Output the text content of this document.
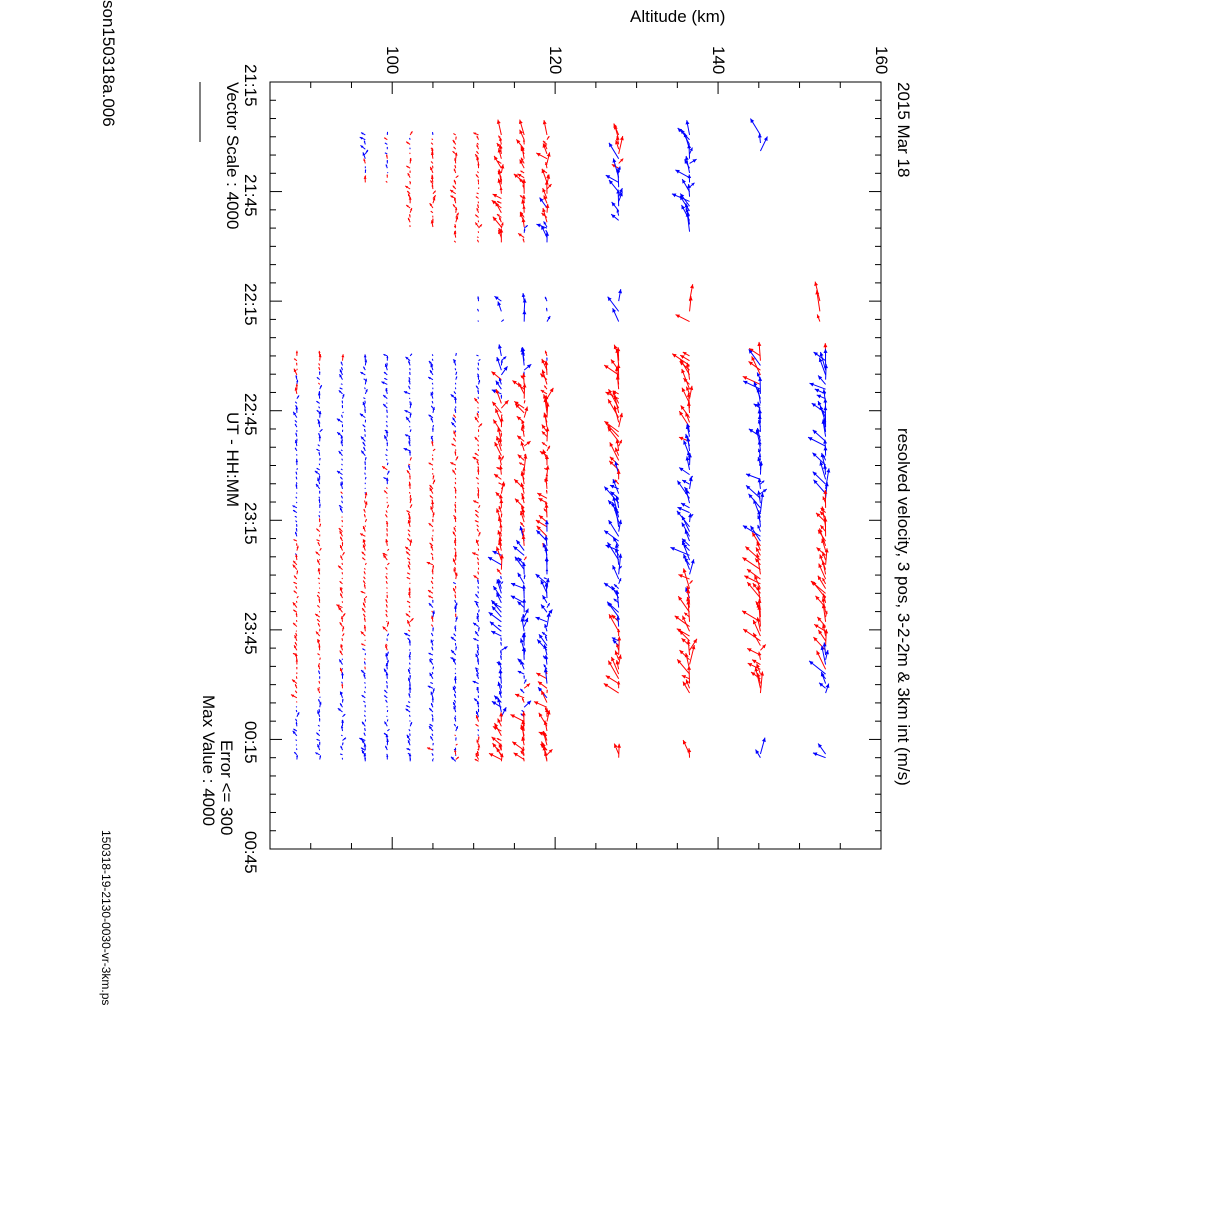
son150318a.006	Altitude (km)
2015 Mar 18
resolved velocity, 3 pos, 3-2-2m & 3km int (m/s)
Vector Scale : 4000
UT - HH:MM
Error <= 300
Max Value : 4000
150318-19-2130-0030-vr-3km.ps
100	120	140	160
21:15
21:45
22:15
22:45
23:15
23:45
00:15
00:45
